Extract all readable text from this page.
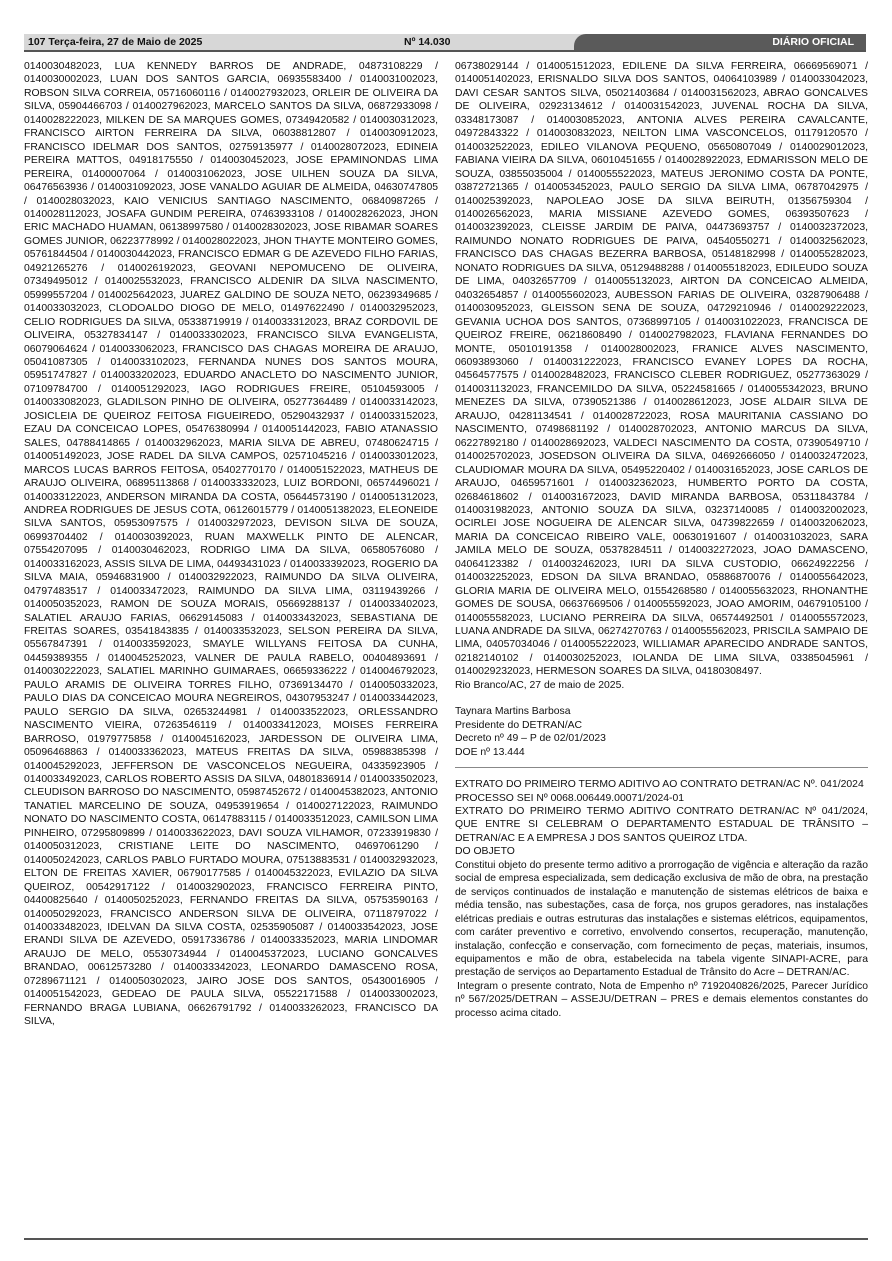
107 Terça-feira, 27 de Maio de 2025	Nº 14.030	DIÁRIO OFICIAL

0140030482023, LUA KENNEDY BARROS DE ANDRADE, 04873108229 / 0140030002023, LUAN DOS SANTOS GARCIA, 06935583400 / 0140031002023, ROBSON SILVA CORREIA, 05716060116 / 0140027932023, ORLEIR DE OLIVEIRA DA SILVA, 05904466703 / 0140027962023, MARCELO SANTOS DA SILVA, 06872933098 / 0140028222023, MILKEN DE SA MARQUES GOMES, 07349420582 / 0140030312023, FRANCISCO AIRTON FERREIRA DA SILVA, 06038812807 / 0140030912023, FRANCISCO IDELMAR DOS SANTOS, 02759135977 / 0140028072023, EDINEIA PEREIRA MATTOS, 04918175550 / 0140030452023, JOSE EPAMINONDAS LIMA PEREIRA, 01400007064 / 0140031062023, JOSE UILHEN SOUZA DA SILVA, 06476563936 / 0140031092023, JOSE VANALDO AGUIAR DE ALMEIDA, 04630747805 / 0140028032023, KAIO VENICIUS SANTIAGO NASCIMENTO, 06840987265 / 0140028112023, JOSAFA GUNDIM PEREIRA, 07463933108 / 0140028262023, JHON ERIC MACHADO HUAMAN, 06138997580 / 0140028302023, JOSE RIBAMAR SOARES GOMES JUNIOR, 06223778992 / 0140028022023, JHON THAYTE MONTEIRO GOMES, 05761844504 / 0140030442023, FRANCISCO EDMAR G DE AZEVEDO FILHO FARIAS, 04921265276 / 0140026192023, GEOVANI NEPOMUCENO DE OLIVEIRA, 07349495012 / 0140025532023, FRANCISCO ALDENIR DA SILVA NASCIMENTO, 05999557204 / 0140025642023, JUAREZ GALDINO DE SOUZA NETO, 06239349685 / 0140033032023, CLODOALDO DIOGO DE MELO, 01497622490 / 0140032952023, CELIO RODRIGUES DA SILVA, 05338719919 / 0140033312023, BRAZ CORDOVIL DE OLIVEIRA, 05327834147 / 0140033302023, FRANCISCO SILVA EVANGELISTA, 06079064624 / 0140033062023, FRANCISCO DAS CHAGAS MOREIRA DE ARAUJO, 05041087305 / 0140033102023, FERNANDA NUNES DOS SANTOS MOURA, 05951747827 / 0140033202023, EDUARDO ANACLETO DO NASCIMENTO JUNIOR, 07109784700 / 0140051292023, IAGO RODRIGUES FREIRE, 05104593005 / 0140033082023, GLADILSON PINHO DE OLIVEIRA, 05277364489 / 0140033142023, JOSICLEIA DE QUEIROZ FEITOSA FIGUEIREDO, 05290432937 / 0140033152023, EZAU DA CONCEICAO LOPES, 05476380994 / 0140051442023, FABIO ATANASSIO SALES, 04788414865 / 0140032962023, MARIA SILVA DE ABREU, 07480624715 / 0140051492023, JOSE RADEL DA SILVA CAMPOS, 02571045216 / 0140033012023, MARCOS LUCAS BARROS FEITOSA, 05402770170 / 0140051522023, MATHEUS DE ARAUJO OLIVEIRA, 06895113868 / 0140033332023, LUIZ BORDONI, 06574496021 / 0140033122023, ANDERSON MIRANDA DA COSTA, 05644573190 / 0140051312023, ANDREA RODRIGUES DE JESUS COTA, 06126015779 / 0140051382023, ELEONEIDE SILVA SANTOS, 05953097575 / 0140032972023, DEVISON SILVA DE SOUZA, 06993704402 / 0140030392023, RUAN MAXWELLK PINTO DE ALENCAR, 07554207095 / 0140030462023, RODRIGO LIMA DA SILVA, 06580576080 / 0140033162023, ASSIS SILVA DE LIMA, 04493431023 / 0140033392023, ROGERIO DA SILVA MAIA, 05946831900 / 0140032922023, RAIMUNDO DA SILVA OLIVEIRA, 04797483517 / 0140033472023, RAIMUNDO DA SILVA LIMA, 03119439266 / 0140050352023, RAMON DE SOUZA MORAIS, 05669288137 / 0140033402023, SALATIEL ARAUJO FARIAS, 06629145083 / 0140033432023, SEBASTIANA DE FREITAS SOARES, 03541843835 / 0140033532023, SELSON PEREIRA DA SILVA, 05567847391 / 0140033592023, SMAYLE WILLYANS FEITOSA DA CUNHA, 04459389355 / 0140045252023, VALNER DE PAULA RABELO, 00404893691 / 0140030222023, SALATIEL MARINHO GUIMARAES, 06659336222 / 0140046792023, PAULO ARAMIS DE OLIVEIRA TORRES FILHO, 07369134470 / 0140050332023, PAULO DIAS DA CONCEICAO MOURA NEGREIROS, 04307953247 / 0140033442023, PAULO SERGIO DA SILVA, 02653244981 / 0140033522023, ORLESSANDRO NASCIMENTO VIEIRA, 07263546119 / 0140033412023, MOISES FERREIRA BARROSO, 01979775858 / 0140045162023, JARDESSON DE OLIVEIRA LIMA, 05096468863 / 0140033362023, MATEUS FREITAS DA SILVA, 05988385398 / 0140045292023, JEFFERSON DE VASCONCELOS NEGUEIRA, 04335923905 / 0140033492023, CARLOS ROBERTO ASSIS DA SILVA, 04801836914 / 0140033502023, CLEUDISON BARROSO DO NASCIMENTO, 05987452672 / 0140045382023, ANTONIO TANATIEL MARCELINO DE SOUZA, 04953919654 / 0140027122023, RAIMUNDO NONATO DO NASCIMENTO COSTA, 06147883115 / 0140033512023, CAMILSON LIMA PINHEIRO, 07295809899 / 0140033622023, DAVI SOUZA VILHAMOR, 07233919830 / 0140050312023, CRISTIANE LEITE DO NASCIMENTO, 04697061290 / 0140050242023, CARLOS PABLO FURTADO MOURA, 07513883531 / 0140032932023, ELTON DE FREITAS XAVIER, 06790177585 / 0140045322023, EVILAZIO DA SILVA QUEIROZ, 00542917122 / 0140032902023, FRANCISCO FERREIRA PINTO, 04400825640 / 0140050252023, FERNANDO FREITAS DA SILVA, 05753590163 / 0140050292023, FRANCISCO ANDERSON SILVA DE OLIVEIRA, 07118797022 / 0140033482023, IDELVAN DA SILVA COSTA, 02535905087 / 0140033542023, JOSE ERANDI SILVA DE AZEVEDO, 05917336786 / 0140033352023, MARIA LINDOMAR ARAUJO DE MELO, 05530734944 / 0140045372023, LUCIANO GONCALVES BRANDAO, 00612573280 / 0140033342023, LEONARDO DAMASCENO ROSA, 07289671121 / 0140050302023, JAIRO JOSE DOS SANTOS, 05430016905 / 0140051542023, GEDEAO DE PAULA SILVA, 05522171588 / 0140033002023, FERNANDO BRAGA LUBIANA, 06626791792 / 0140033262023, FRANCISCO DA SILVA,

06738029144 / 0140051512023, EDILENE DA SILVA FERREIRA, 06669569071 / 0140051402023, ERISNALDO SILVA DOS SANTOS, 04064103989 / 0140033042023, DAVI CESAR SANTOS SILVA, 05021403684 / 0140031562023, ABRAO GONCALVES DE OLIVEIRA, 02923134612 / 0140031542023, JUVENAL ROCHA DA SILVA, 03348173087 / 0140030852023, ANTONIA ALVES PEREIRA CAVALCANTE, 04972843322 / 0140030832023, NEILTON LIMA VASCONCELOS, 01179120570 / 0140032522023, EDILEO VILANOVA PEQUENO, 05650807049 / 0140029012023, FABIANA VIEIRA DA SILVA, 06010451655 / 0140028922023, EDMARISSON MELO DE SOUZA, 03855035004 / 0140055522023, MATEUS JERONIMO COSTA DA PONTE, 03872721365 / 0140053452023, PAULO SERGIO DA SILVA LIMA, 06787042975 / 0140025392023, NAPOLEAO JOSE DA SILVA BEIRUTH, 01356759304 / 0140026562023, MARIA MISSIANE AZEVEDO GOMES, 06393507623 / 0140032392023, CLEISSE JARDIM DE PAIVA, 04473693757 / 0140032372023, RAIMUNDO NONATO RODRIGUES DE PAIVA, 04540550271 / 0140032562023, FRANCISCO DAS CHAGAS BEZERRA BARBOSA, 05148182998 / 0140055282023, NONATO RODRIGUES DA SILVA, 05129488288 / 0140055182023, EDILEUDO SOUZA DE LIMA, 04032657709 / 0140055132023, AIRTON DA CONCEICAO ALMEIDA, 04032654857 / 0140055602023, AUBESSON FARIAS DE OLIVEIRA, 03287906488 / 0140030952023, GLEISSON SENA DE SOUZA, 04729210946 / 0140029222023, GEVANIA UCHOA DOS SANTOS, 07368997105 / 0140031022023, FRANCISCA DE QUEIROZ FREIRE, 06218608490 / 0140027982023, FLAVIANA FERNANDES DO MONTE, 05010191358 / 0140028002023, FRANICE ALVES NASCIMENTO, 06093893060 / 0140031222023, FRANCISCO EVANEY LOPES DA ROCHA, 04564577575 / 0140028482023, FRANCISCO CLEBER RODRIGUEZ, 05277363029 / 0140031132023, FRANCEMILDO DA SILVA, 05224581665 / 0140055342023, BRUNO MENEZES DA SILVA, 07390521386 / 0140028612023, JOSE ALDAIR SILVA DE ARAUJO, 04281134541 / 0140028722023, ROSA MAURITANIA CASSIANO DO NASCIMENTO, 07498681192 / 0140028702023, ANTONIO MARCUS DA SILVA, 06227892180 / 0140028692023, VALDECI NASCIMENTO DA COSTA, 07390549710 / 0140025702023, JOSEDSON OLIVEIRA DA SILVA, 04692666050 / 0140032472023, CLAUDIOMAR MOURA DA SILVA, 05495220402 / 0140031652023, JOSE CARLOS DE ARAUJO, 04659571601 / 0140032362023, HUMBERTO PORTO DA COSTA, 02684618602 / 0140031672023, DAVID MIRANDA BARBOSA, 05311843784 / 0140031982023, ANTONIO SOUZA DA SILVA, 03237140085 / 0140032002023, OCIRLEI JOSE NOGUEIRA DE ALENCAR SILVA, 04739822659 / 0140032062023, MARIA DA CONCEICAO RIBEIRO VALE, 00630191607 / 0140031032023, SARA JAMILA MELO DE SOUZA, 05378284511 / 0140032272023, JOAO DAMASCENO, 04064123382 / 0140032462023, IURI DA SILVA CUSTODIO, 06624922256 / 0140032252023, EDSON DA SILVA BRANDAO, 05886870076 / 0140055642023, GLORIA MARIA DE OLIVEIRA MELO, 01554268580 / 0140055632023, RHONANTHE GOMES DE SOUSA, 06637669506 / 0140055592023, JOAO AMORIM, 04679105100 / 0140055582023, LUCIANO PERREIRA DA SILVA, 06574492501 / 0140055572023, LUANA ANDRADE DA SILVA, 06274270763 / 0140055562023, PRISCILA SAMPAIO DE LIMA, 04057034046 / 0140055222023, WILLIAMAR APARECIDO ANDRADE SANTOS, 02182140102 / 0140030252023, IOLANDA DE LIMA SILVA, 03385045961 / 0140029232023, HERMESON SOARES DA SILVA, 04180308497.

Rio Branco/AC, 27 de maio de 2025.

Taynara Martins Barbosa

Presidente do DETRAN/AC

Decreto nº 49 – P de 02/01/2023

DOE nº 13.444

EXTRATO DO PRIMEIRO TERMO ADITIVO AO CONTRATO DETRAN/AC Nº. 041/2024

PROCESSO SEI Nº 0068.006449.00071/2024-01

EXTRATO DO PRIMEIRO TERMO ADITIVO CONTRATO DETRAN/AC Nº 041/2024, QUE ENTRE SI CELEBRAM O DEPARTAMENTO ESTADUAL DE TRÂNSITO – DETRAN/AC E A EMPRESA J DOS SANTOS QUEIROZ LTDA.

DO OBJETO

Constitui objeto do presente termo aditivo a prorrogação de vigência e alteração da razão social de empresa especializada, sem dedicação exclusiva de mão de obra, na prestação de serviços continuados de instalação e manutenção de sistemas elétricos de baixa e média tensão, nas subestações, casa de força, nos grupos geradores, nas instalações elétricas prediais e outras estruturas das instalações e sistemas elétricos, equipamentos, com caráter preventivo e corretivo, envolvendo consertos, recuperação, manutenção, instalação, confecção e conservação, com fornecimento de peças, materiais, insumos, equipamentos e mão de obra, estabelecida na tabela vigente SINAPI-ACRE, para prestação de serviços ao Departamento Estadual de Trânsito do Acre – DETRAN/AC.

Integram o presente contrato, Nota de Empenho nº 7192040826/2025, Parecer Jurídico nº 567/2025/DETRAN – ASSEJU/DETRAN – PRES e demais elementos constantes do processo acima citado.
